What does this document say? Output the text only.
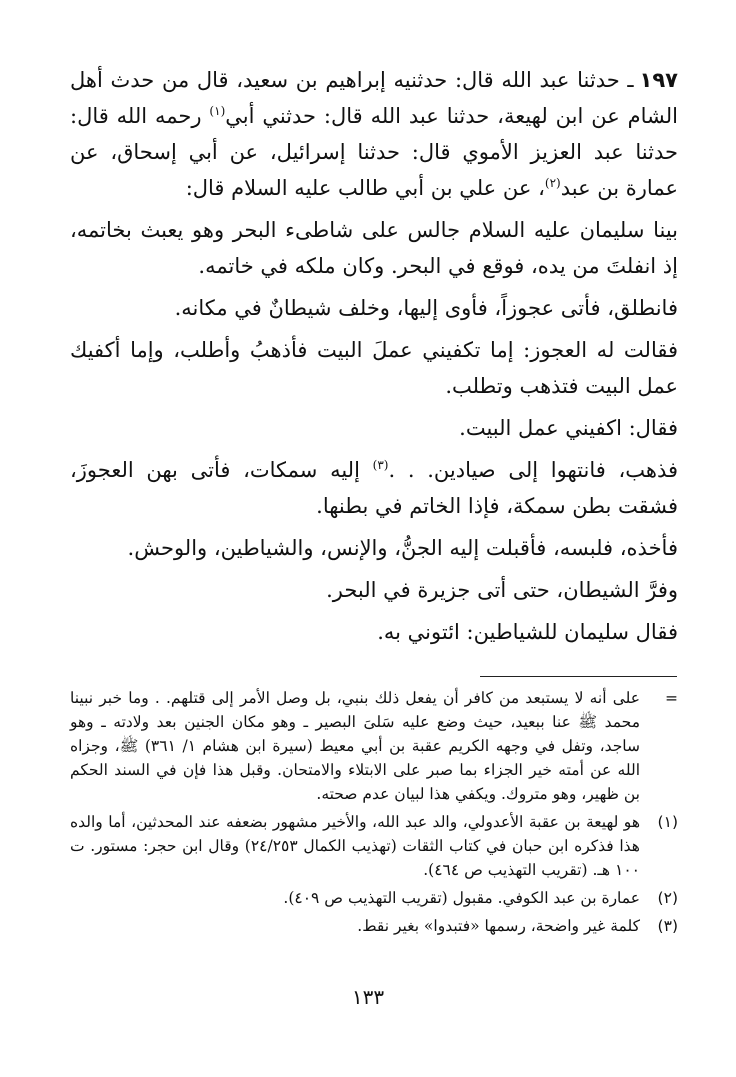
١٩٧ـ حدثنا عبد الله قال: حدثنيه إبراهيم بن سعيد، قال من حدث أهل الشام عن ابن لهيعة، حدثنا عبد الله قال: حدثني أبي$^{(١)}$ رحمه الله قال: حدثنا عبد العزيز الأموي قال: حدثنا إسرائيل، عن أبي إسحاق، عن عمارة بن عبد$^{(٢)}$، عن علي بن أبي طالب عليه السلام قال:

بينا سليمان عليه السلام جالس على شاطىء البحر وهو يعبث بخاتمه، إذ انفلتَ من يده، فوقع في البحر. وكان ملكه في خاتمه.

فانطلق، فأتى عجوزاً، فأوى إليها، وخلف شيطانٌ في مكانه.

فقالت له العجوز: إما تكفيني عملَ البيت فأذهبُ وأطلب، وإما أكفيك عمل البيت فتذهب وتطلب.

فقال: اكفيني عمل البيت.

فذهب، فانتهوا إلى صيادين. . .$^{(٣)}$ إليه سمكات، فأتى بهن العجوزَ، فشقت بطن سمكة، فإذا الخاتم في بطنها.

فأخذه، فلبسه، فأقبلت إليه الجنُّ، والإنس، والشياطين، والوحش.

وفرَّ الشيطان، حتى أتى جزيرة في البحر.

فقال سليمان للشياطين: ائتوني به.

=
على أنه لا يستبعد من كافر أن يفعل ذلك بنبي، بل وصل الأمر إلى قتلهم. . وما خبر نبينا محمد ﷺ عنا ببعيد، حيث وضع عليه سَلىَ البصير ـ وهو مكان الجنين بعد ولادته ـ وهو ساجد، وتفل في وجهه الكريم عقبة بن أبي معيط (سيرة ابن هشام ١/ ٣٦١) ﷺ، وجزاه الله عن أمته خير الجزاء بما صبر على الابتلاء والامتحان. وقبل هذا فإن في السند الحكم بن ظهير، وهو متروك. ويكفي هذا لبيان عدم صحته.
(١)
هو لهيعة بن عقبة الأعدولي، والد عبد الله، والأخير مشهور بضعفه عند المحدثين، أما والده هذا فذكره ابن حبان في كتاب الثقات (تهذيب الكمال ٢٤/٢٥٣) وقال ابن حجر: مستور. ت ١٠٠ هـ. (تقريب التهذيب ص ٤٦٤).
(٢)
عمارة بن عبد الكوفي. مقبول (تقريب التهذيب ص ٤٠٩).
(٣)
كلمة غير واضحة، رسمها «فتبدوا» بغير نقط.
١٣٣
